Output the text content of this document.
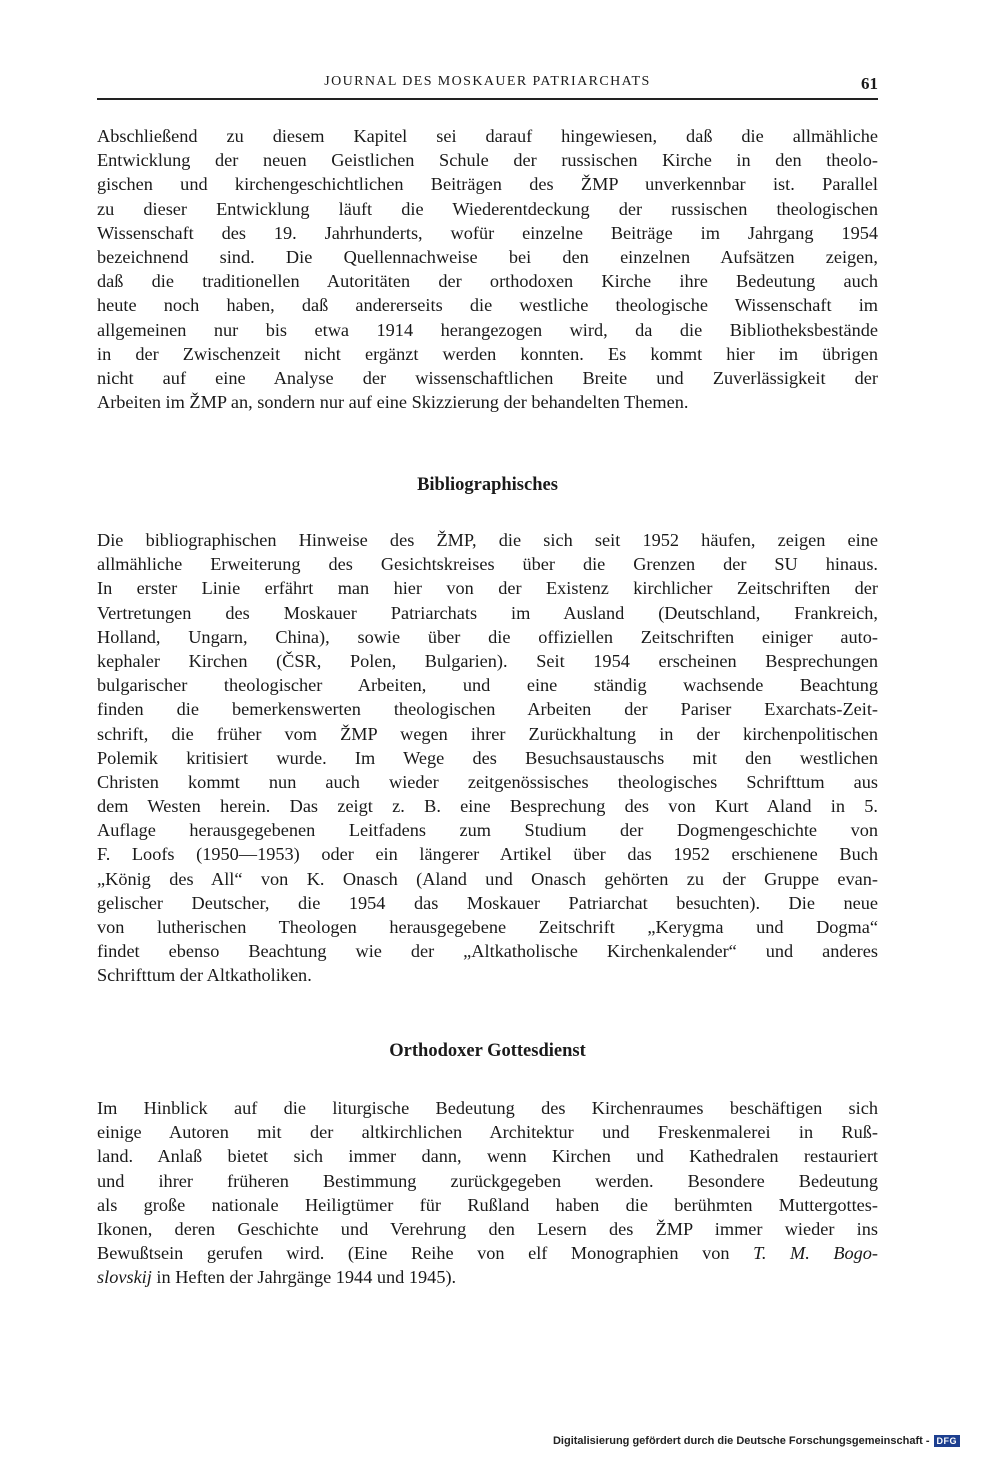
JOURNAL DES MOSKAUER PATRIARCHATS	61
Abschließend zu diesem Kapitel sei darauf hingewiesen, daß die allmähliche
Entwicklung der neuen Geistlichen Schule der russischen Kirche in den theolo-
gischen und kirchengeschichtlichen Beiträgen des ŽMP unverkennbar ist. Parallel
zu dieser Entwicklung läuft die Wiederentdeckung der russischen theologischen
Wissenschaft des 19. Jahrhunderts, wofür einzelne Beiträge im Jahrgang 1954
bezeichnend sind. Die Quellennachweise bei den einzelnen Aufsätzen zeigen,
daß die traditionellen Autoritäten der orthodoxen Kirche ihre Bedeutung auch
heute noch haben, daß andererseits die westliche theologische Wissenschaft im
allgemeinen nur bis etwa 1914 herangezogen wird, da die Bibliotheksbestände
in der Zwischenzeit nicht ergänzt werden konnten. Es kommt hier im übrigen
nicht auf eine Analyse der wissenschaftlichen Breite und Zuverlässigkeit der
Arbeiten im ŽMP an, sondern nur auf eine Skizzierung der behandelten Themen.
Bibliographisches
Die bibliographischen Hinweise des ŽMP, die sich seit 1952 häufen, zeigen eine
allmähliche Erweiterung des Gesichtskreises über die Grenzen der SU hinaus.
In erster Linie erfährt man hier von der Existenz kirchlicher Zeitschriften der
Vertretungen des Moskauer Patriarchats im Ausland (Deutschland, Frankreich,
Holland, Ungarn, China), sowie über die offiziellen Zeitschriften einiger auto-
kephaler Kirchen (ČSR, Polen, Bulgarien). Seit 1954 erscheinen Besprechungen
bulgarischer theologischer Arbeiten, und eine ständig wachsende Beachtung
finden die bemerkenswerten theologischen Arbeiten der Pariser Exarchats-Zeit-
schrift, die früher vom ŽMP wegen ihrer Zurückhaltung in der kirchenpolitischen
Polemik kritisiert wurde. Im Wege des Besuchsaustauschs mit den westlichen
Christen kommt nun auch wieder zeitgenössisches theologisches Schrifttum aus
dem Westen herein. Das zeigt z. B. eine Besprechung des von Kurt Aland in 5.
Auflage herausgegebenen Leitfadens zum Studium der Dogmengeschichte von
F. Loofs (1950—1953) oder ein längerer Artikel über das 1952 erschienene Buch
„König des All“ von K. Onasch (Aland und Onasch gehörten zu der Gruppe evan-
gelischer Deutscher, die 1954 das Moskauer Patriarchat besuchten). Die neue
von lutherischen Theologen herausgegebene Zeitschrift „Kerygma und Dogma“
findet ebenso Beachtung wie der „Altkatholische Kirchenkalender“ und anderes
Schrifttum der Altkatholiken.
Orthodoxer Gottesdienst
Im Hinblick auf die liturgische Bedeutung des Kirchenraumes beschäftigen sich
einige Autoren mit der altkirchlichen Architektur und Freskenmalerei in Ruß-
land. Anlaß bietet sich immer dann, wenn Kirchen und Kathedralen restauriert
und ihrer früheren Bestimmung zurückgegeben werden. Besondere Bedeutung
als große nationale Heiligtümer für Rußland haben die berühmten Muttergottes-
Ikonen, deren Geschichte und Verehrung den Lesern des ŽMP immer wieder ins
Bewußtsein gerufen wird. (Eine Reihe von elf Monographien von T. M. Bogo-
slovskij in Heften der Jahrgänge 1944 und 1945).
Digitalisierung gefördert durch die Deutsche Forschungsgemeinschaft - DFG
